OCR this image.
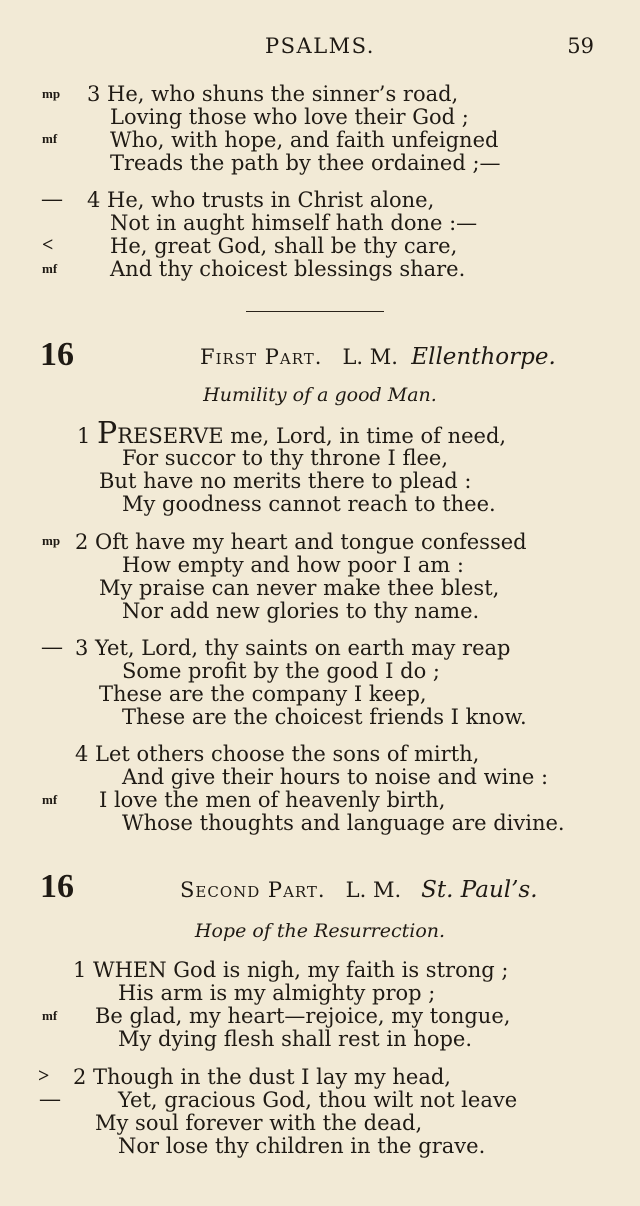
PSALMS.	59
mp 3 He, who shuns the sinner’s road,
Loving those who love their God ;
mf	Who, with hope, and faith unfeigned
Treads the path by thee ordained ;—
— 4 He, who trusts in Christ alone,
Not in aught himself hath done :—
<	He, great God, shall be thy care,
mf	And thy choicest blessings share.
16	First Part. L. M. Ellenthorpe.
Humility of a good Man.
1 PRESERVE me, Lord, in time of need,
For succor to thy throne I flee,
But have no merits there to plead :
My goodness cannot reach to thee.
mp 2 Oft have my heart and tongue confessed
How empty and how poor I am :
My praise can never make thee blest,
Nor add new glories to thy name.
— 3 Yet, Lord, thy saints on earth may reap
Some profit by the good I do ;
These are the company I keep,
These are the choicest friends I know.
4 Let others choose the sons of mirth,
And give their hours to noise and wine :
mf I love the men of heavenly birth,
Whose thoughts and language are divine.
16	Second Part. L. M. St. Paul’s.
Hope of the Resurrection.
1 WHEN God is nigh, my faith is strong ;
His arm is my almighty prop ;
mf Be glad, my heart—rejoice, my tongue,
My dying flesh shall rest in hope.
> 2 Though in the dust I lay my head,
—	Yet, gracious God, thou wilt not leave
My soul forever with the dead,
Nor lose thy children in the grave.
